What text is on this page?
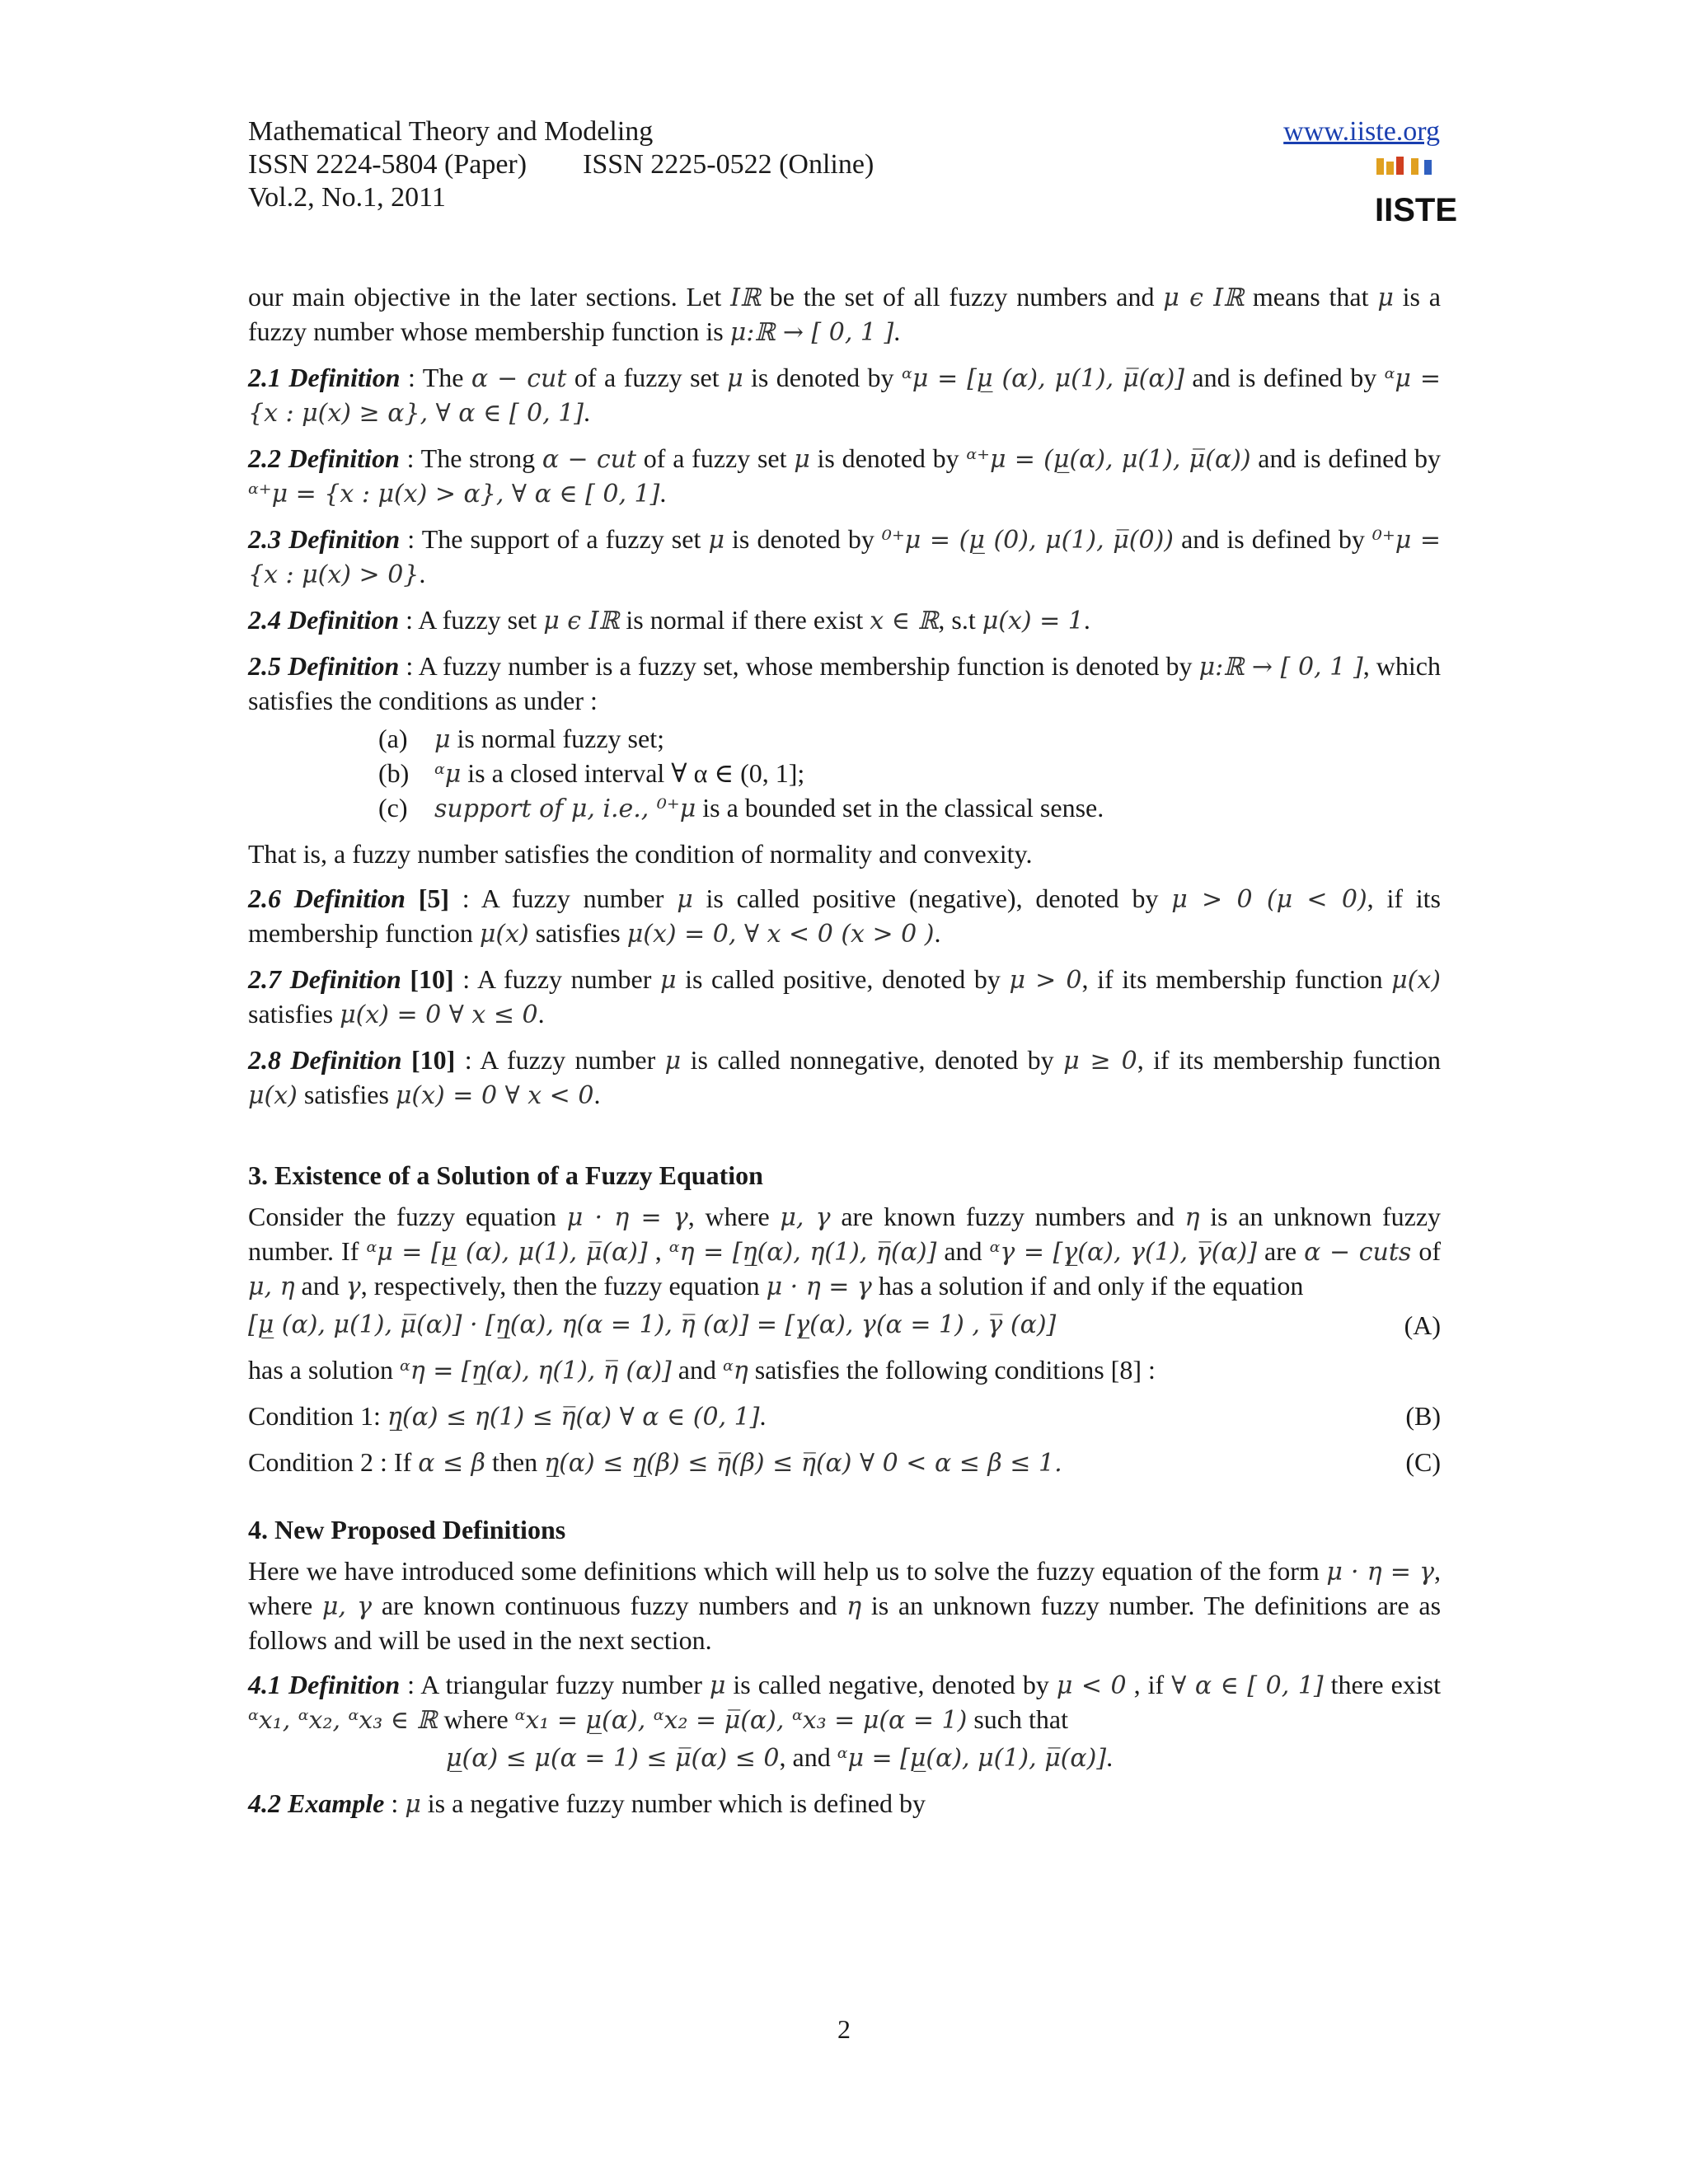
Mathematical Theory and Modeling
ISSN 2224-5804 (Paper) ISSN 2225-0522 (Online)
Vol.2, No.1, 2011
www.iiste.org
IISTE

our main objective in the later sections. Let Iℝ be the set of all fuzzy numbers and μ ϵ Iℝ means that μ is a fuzzy number whose membership function is μ:ℝ → [ 0, 1 ].

2.1 Definition : The α − cut of a fuzzy set μ is denoted by ᵅμ = [μ̲ (α), μ(1), μ̅(α)] and is defined by ᵅμ = {x : μ(x) ≥ α}, ∀ α ∈ [ 0, 1].

2.2 Definition : The strong α − cut of a fuzzy set μ is denoted by ᵅ⁺μ = (μ̲(α), μ(1), μ̅(α)) and is defined by ᵅ⁺μ = {x : μ(x) > α}, ∀ α ∈ [ 0, 1].

2.3 Definition : The support of a fuzzy set μ is denoted by ⁰⁺μ = (μ̲ (0), μ(1), μ̅(0)) and is defined by ⁰⁺μ = {x : μ(x) > 0}.

2.4 Definition : A fuzzy set μ ϵ Iℝ is normal if there exist x ∈ ℝ, s.t μ(x) = 1.

2.5 Definition : A fuzzy number is a fuzzy set, whose membership function is denoted by μ:ℝ → [ 0, 1 ], which satisfies the conditions as under :

(a)	μ is normal fuzzy set;
(b)	ᵅμ is a closed interval ∀ α ∈ (0, 1];
(c)	support of μ, i.e., ⁰⁺μ is a bounded set in the classical sense.

That is, a fuzzy number satisfies the condition of normality and convexity.

2.6 Definition [5] : A fuzzy number μ is called positive (negative), denoted by μ > 0 (μ < 0), if its membership function μ(x) satisfies μ(x) = 0, ∀ x < 0 (x > 0 ).

2.7 Definition [10] : A fuzzy number μ is called positive, denoted by μ > 0, if its membership function μ(x) satisfies μ(x) = 0 ∀ x ≤ 0.

2.8 Definition [10] : A fuzzy number μ is called nonnegative, denoted by μ ≥ 0, if its membership function μ(x) satisfies μ(x) = 0 ∀ x < 0.

3. Existence of a Solution of a Fuzzy Equation

Consider the fuzzy equation μ · η = γ, where μ, γ are known fuzzy numbers and η is an unknown fuzzy number. If ᵅμ = [μ̲ (α), μ(1), μ̅(α)] , ᵅη = [η̲(α), η(1), η̅(α)] and ᵅγ = [γ̲(α), γ(1), γ̅(α)] are α − cuts of μ, η and γ, respectively, then the fuzzy equation μ · η = γ has a solution if and only if the equation

[μ̲ (α), μ(1), μ̅(α)] · [η̲(α), η(α = 1), η̅ (α)] = [γ̲(α), γ(α = 1) , γ̅ (α)]	(A)

has a solution ᵅη = [η̲(α), η(1), η̅ (α)] and ᵅη satisfies the following conditions [8] :

Condition 1: η̲(α) ≤ η(1) ≤ η̅(α) ∀ α ∈ (0, 1].	(B)
Condition 2 : If α ≤ β then η̲(α) ≤ η̲(β) ≤ η̅(β) ≤ η̅(α) ∀ 0 < α ≤ β ≤ 1.	(C)
4. New Proposed Definitions

Here we have introduced some definitions which will help us to solve the fuzzy equation of the form μ · η = γ, where μ, γ are known continuous fuzzy numbers and η is an unknown fuzzy number. The definitions are as follows and will be used in the next section.

4.1 Definition : A triangular fuzzy number μ is called negative, denoted by μ < 0 , if ∀ α ∈ [ 0, 1] there exist ᵅx₁, ᵅx₂, ᵅx₃ ∈ ℝ where ᵅx₁ = μ̲(α), ᵅx₂ = μ̅(α), ᵅx₃ = μ(α = 1) such that

μ̲(α) ≤ μ(α = 1) ≤ μ̅(α) ≤ 0, and ᵅμ = [μ̲(α), μ(1), μ̅(α)].

4.2 Example : μ is a negative fuzzy number which is defined by

2
